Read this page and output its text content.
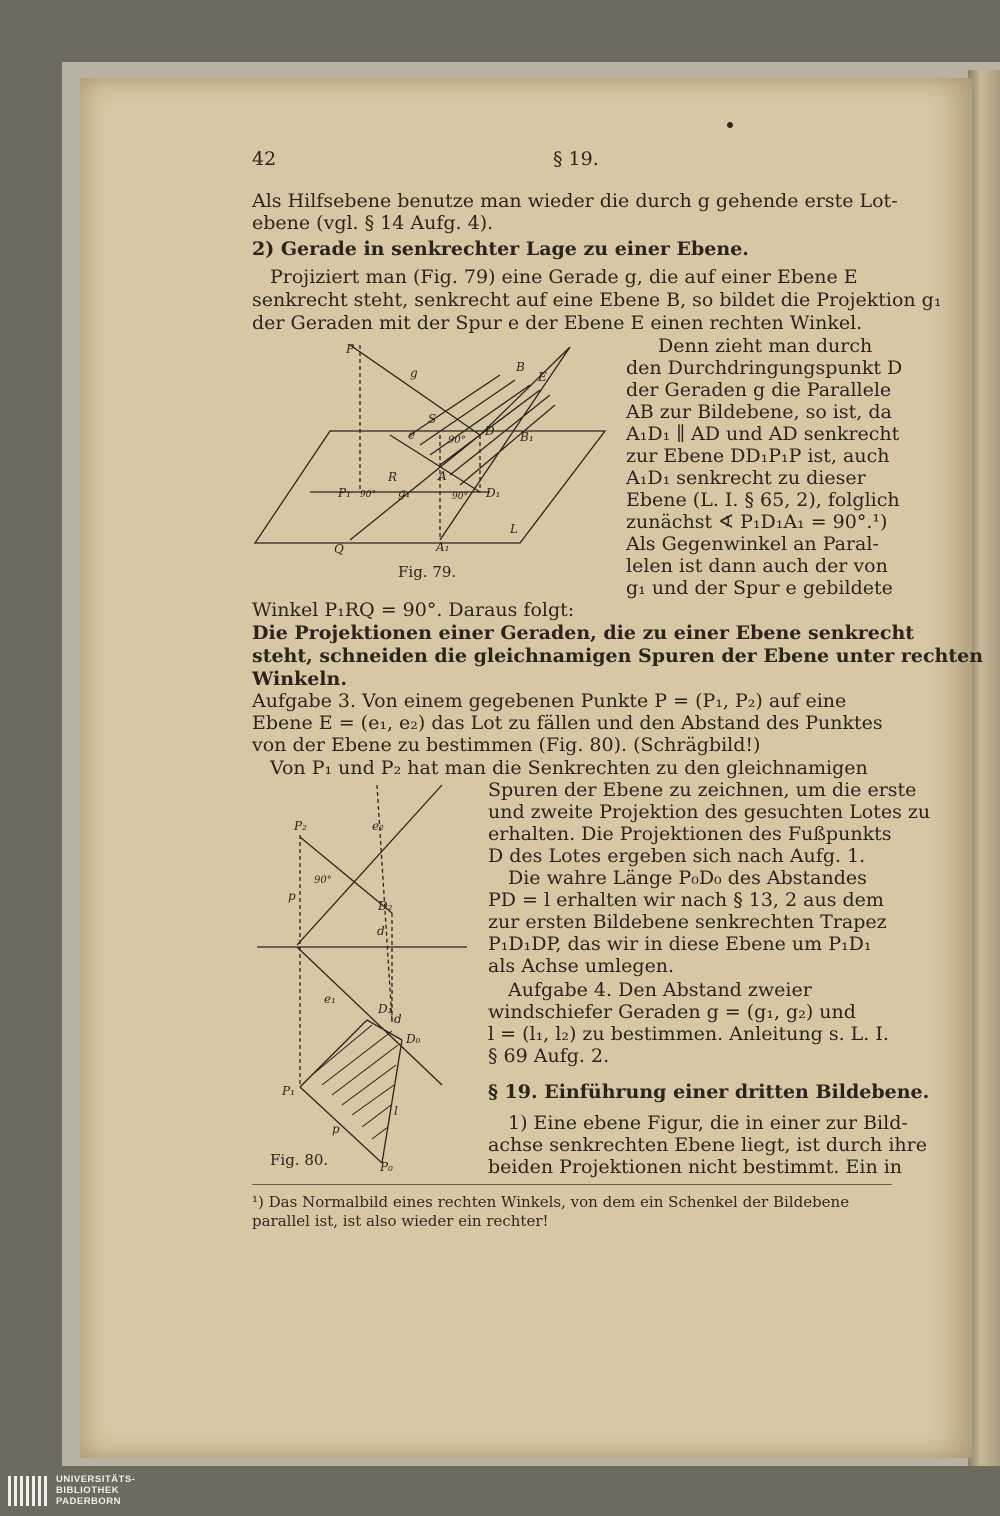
42	§ 19.
Als Hilfsebene benutze man wieder die durch g gehende erste Lot-
ebene (vgl. § 14 Aufg. 4).
2) Gerade in senkrechter Lage zu einer Ebene.
Projiziert man (Fig. 79) eine Gerade g, die auf einer Ebene E
senkrecht steht, senkrecht auf eine Ebene B, so bildet die Projektion g₁
der Geraden mit der Spur e der Ebene E einen rechten Winkel.
Denn zieht man durch
den Durchdringungspunkt D
der Geraden g die Parallele
AB zur Bildebene, so ist, da
A₁D₁ ∥ AD und AD senkrecht
zur Ebene DD₁P₁P ist, auch
A₁D₁ senkrecht zu dieser
Ebene (L. I. § 65, 2), folglich
zunächst ∢ P₁D₁A₁ = 90°.¹)
Als Gegenwinkel an Paral-
lelen ist dann auch der von
g₁ und der Spur e gebildete
Winkel P₁RQ = 90°. Daraus folgt:
Die Projektionen einer Geraden, die zu einer Ebene senkrecht
steht, schneiden die gleichnamigen Spuren der Ebene unter rechten
Winkeln.
Aufgabe 3. Von einem gegebenen Punkte P = (P₁, P₂) auf eine
Ebene E = (e₁, e₂) das Lot zu fällen und den Abstand des Punktes
von der Ebene zu bestimmen (Fig. 80). (Schrägbild!)
Von P₁ und P₂ hat man die Senkrechten zu den gleichnamigen
Spuren der Ebene zu zeichnen, um die erste
und zweite Projektion des gesuchten Lotes zu
erhalten. Die Projektionen des Fußpunkts
D des Lotes ergeben sich nach Aufg. 1.
Die wahre Länge P₀D₀ des Abstandes
PD = l erhalten wir nach § 13, 2 aus dem
zur ersten Bildebene senkrechten Trapez
P₁D₁DP, das wir in diese Ebene um P₁D₁
als Achse umlegen.
Aufgabe 4. Den Abstand zweier
windschiefer Geraden g = (g₁, g₂) und
l = (l₁, l₂) zu bestimmen. Anleitung s. L. I.
§ 69 Aufg. 2.
§ 19. Einführung einer dritten Bildebene.
1) Eine ebene Figur, die in einer zur Bild-
achse senkrechten Ebene liegt, ist durch ihre
beiden Projektionen nicht bestimmt. Ein in
¹) Das Normalbild eines rechten Winkels, von dem ein Schenkel der Bildebene
parallel ist, ist also wieder ein rechter!
P
g	B
E
S
e	90°
D B₁
R	A
P₁ 90° g₁	90° D₁
L
Q	A₁
Fig. 79.
P₂	e₂
p
90°
D₂
d
e₁
D₁
d
D₀
P₁
l
p
P₀
Fig. 80.
UNIVERSITÄTS-
BIBLIOTHEK
PADERBORN
